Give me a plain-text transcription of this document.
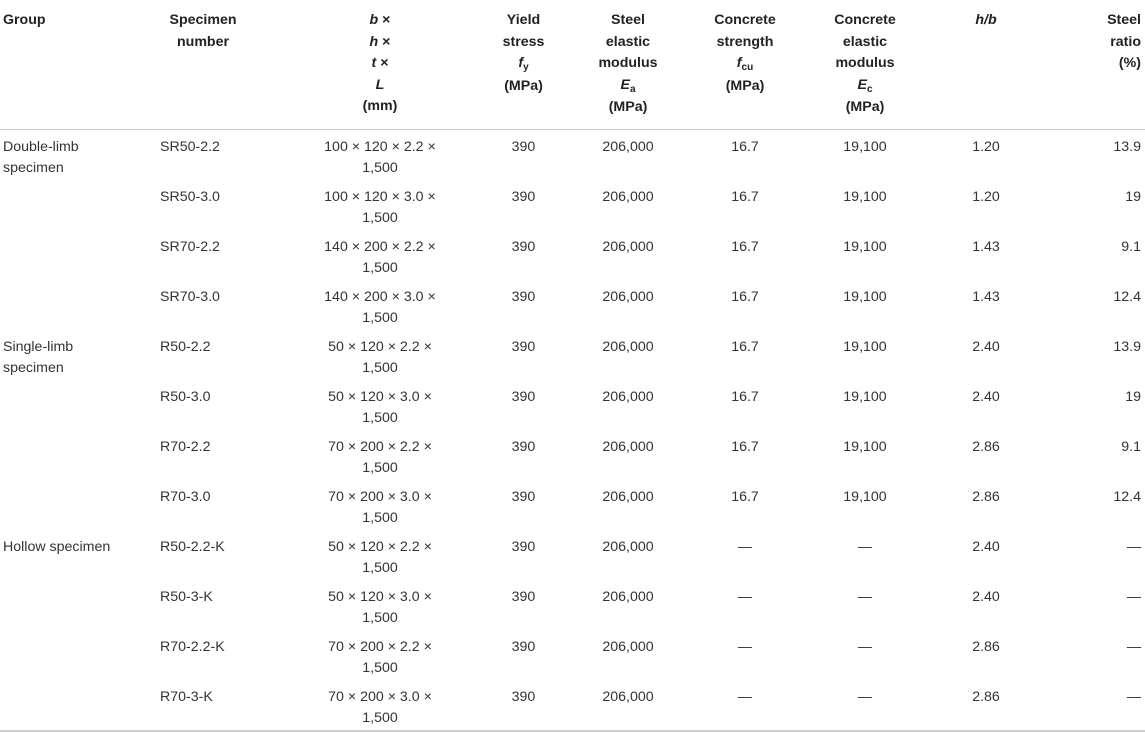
Group	Specimen number	b ×
h ×
t ×
L
(mm)	Yield
stress
$f_y$
(MPa)	Steel
elastic
modulus
$E_a$
(MPa)	Concrete
strength
$f_{cu}$
(MPa)	Concrete
elastic
modulus
$E_c$
(MPa)	h/b	Steel
ratio
(%)

Double-limb specimen	SR50-2.2	100 × 120 × 2.2 ×
1,500	390	206,000	16.7	19,100	1.20	13.9

	SR50-3.0	100 × 120 × 3.0 ×
1,500	390	206,000	16.7	19,100	1.20	19

	SR70-2.2	140 × 200 × 2.2 ×
1,500	390	206,000	16.7	19,100	1.43	9.1

	SR70-3.0	140 × 200 × 3.0 ×
1,500	390	206,000	16.7	19,100	1.43	12.4

Single-limb specimen	R50-2.2	50 × 120 × 2.2 ×
1,500	390	206,000	16.7	19,100	2.40	13.9

	R50-3.0	50 × 120 × 3.0 ×
1,500	390	206,000	16.7	19,100	2.40	19

	R70-2.2	70 × 200 × 2.2 ×
1,500	390	206,000	16.7	19,100	2.86	9.1

	R70-3.0	70 × 200 × 3.0 ×
1,500	390	206,000	16.7	19,100	2.86	12.4

Hollow specimen	R50-2.2-K	50 × 120 × 2.2 ×
1,500	390	206,000	—	—	2.40	—

	R50-3-K	50 × 120 × 3.0 ×
1,500	390	206,000	—	—	2.40	—

	R70-2.2-K	70 × 200 × 2.2 ×
1,500	390	206,000	—	—	2.86	—

	R70-3-K	70 × 200 × 3.0 ×
1,500	390	206,000	—	—	2.86	—
